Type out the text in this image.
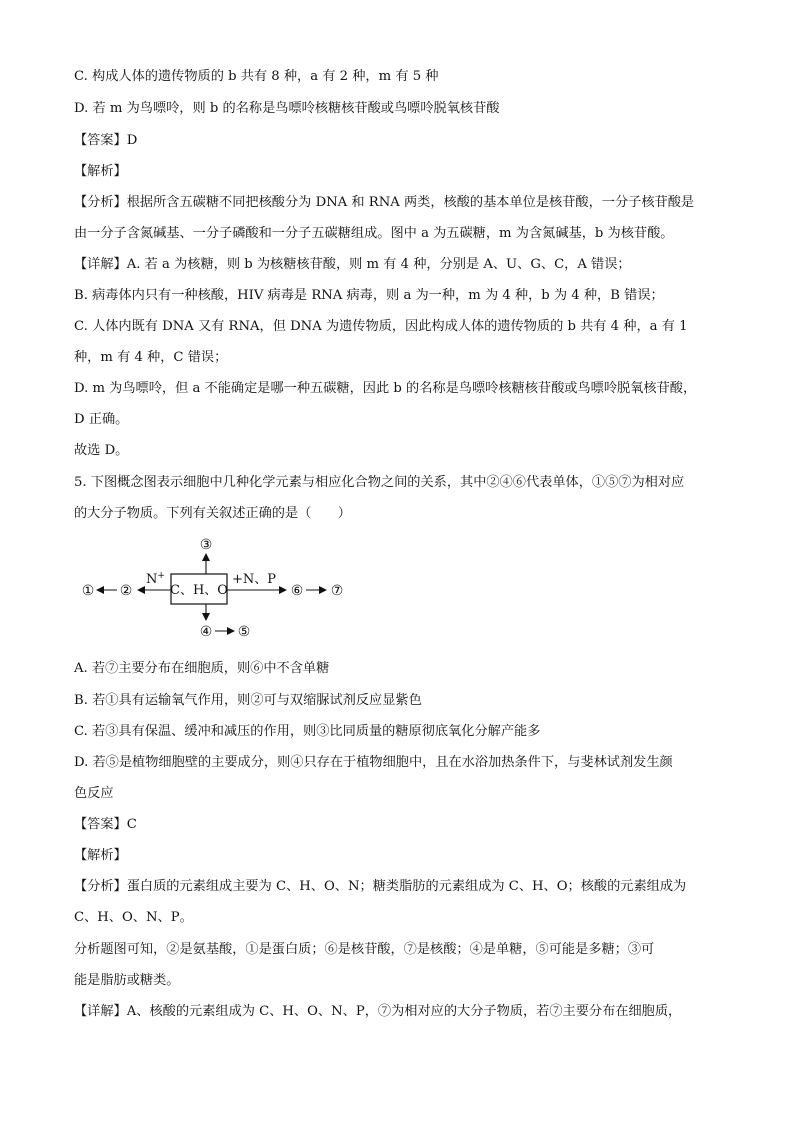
C. 构成人体的遗传物质的 b 共有 8 种，a 有 2 种，m 有 5 种
D. 若 m 为鸟嘌呤，则 b 的名称是鸟嘌呤核糖核苷酸或鸟嘌呤脱氧核苷酸
【答案】D
【解析】
【分析】根据所含五碳糖不同把核酸分为 DNA 和 RNA 两类，核酸的基本单位是核苷酸，一分子核苷酸是
由一分子含氮碱基、一分子磷酸和一分子五碳糖组成。图中 a 为五碳糖，m 为含氮碱基，b 为核苷酸。
【详解】A. 若 a 为核糖，则 b 为核糖核苷酸，则 m 有 4 种，分别是 A、U、G、C，A 错误；
B. 病毒体内只有一种核酸，HIV 病毒是 RNA 病毒，则 a 为一种，m 为 4 种，b 为 4 种，B 错误；
C. 人体内既有 DNA 又有 RNA，但 DNA 为遗传物质，因此构成人体的遗传物质的 b 共有 4 种，a 有 1
种，m 有 4 种，C 错误；
D. m 为鸟嘌呤，但 a 不能确定是哪一种五碳糖，因此 b 的名称是鸟嘌呤核糖核苷酸或鸟嘌呤脱氧核苷酸，
D 正确。
故选 D。
5. 下图概念图表示细胞中几种化学元素与相应化合物之间的关系，其中②④⑥代表单体，①⑤⑦为相对应
的大分子物质。下列有关叙述正确的是（　　）
C、H、O
③
N+
②
①
+N、P
⑥ ⑦
④ ⑤
A. 若⑦主要分布在细胞质，则⑥中不含单糖
B. 若①具有运输氧气作用，则②可与双缩脲试剂反应显紫色
C. 若③具有保温、缓冲和减压的作用，则③比同质量的糖原彻底氧化分解产能多
D. 若⑤是植物细胞壁的主要成分，则④只存在于植物细胞中，且在水浴加热条件下，与斐林试剂发生颜
色反应
【答案】C
【解析】
【分析】蛋白质的元素组成主要为 C、H、O、N；糖类脂肪的元素组成为 C、H、O；核酸的元素组成为
C、H、O、N、P。
分析题图可知，②是氨基酸，①是蛋白质；⑥是核苷酸，⑦是核酸；④是单糖，⑤可能是多糖；③可
能是脂肪或糖类。
【详解】A、核酸的元素组成为 C、H、O、N、P，⑦为相对应的大分子物质，若⑦主要分布在细胞质，
